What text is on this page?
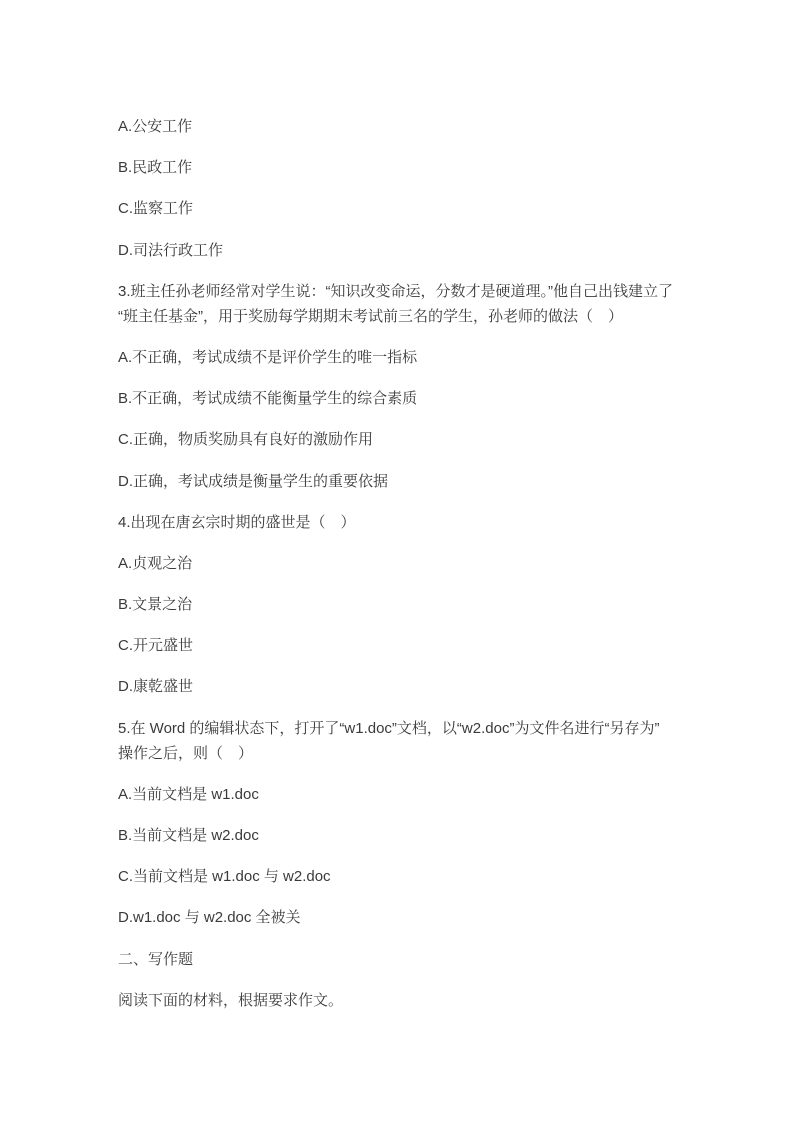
A.公安工作

B.民政工作

C.监察工作

D.司法行政工作

3.班主任孙老师经常对学生说：“知识改变命运，分数才是硬道理。”他自己出钱建立了
“班主任基金”，用于奖励每学期期末考试前三名的学生，孙老师的做法（　）

A.不正确，考试成绩不是评价学生的唯一指标

B.不正确，考试成绩不能衡量学生的综合素质

C.正确，物质奖励具有良好的激励作用

D.正确，考试成绩是衡量学生的重要依据

4.出现在唐玄宗时期的盛世是（　）

A.贞观之治

B.文景之治

C.开元盛世

D.康乾盛世

5.在 Word 的编辑状态下，打开了“w1.doc”文档，以“w2.doc”为文件名进行“另存为”
操作之后，则（　）

A.当前文档是 w1.doc

B.当前文档是 w2.doc

C.当前文档是 w1.doc 与 w2.doc

D.w1.doc 与 w2.doc 全被关

二、写作题

阅读下面的材料，根据要求作文。
